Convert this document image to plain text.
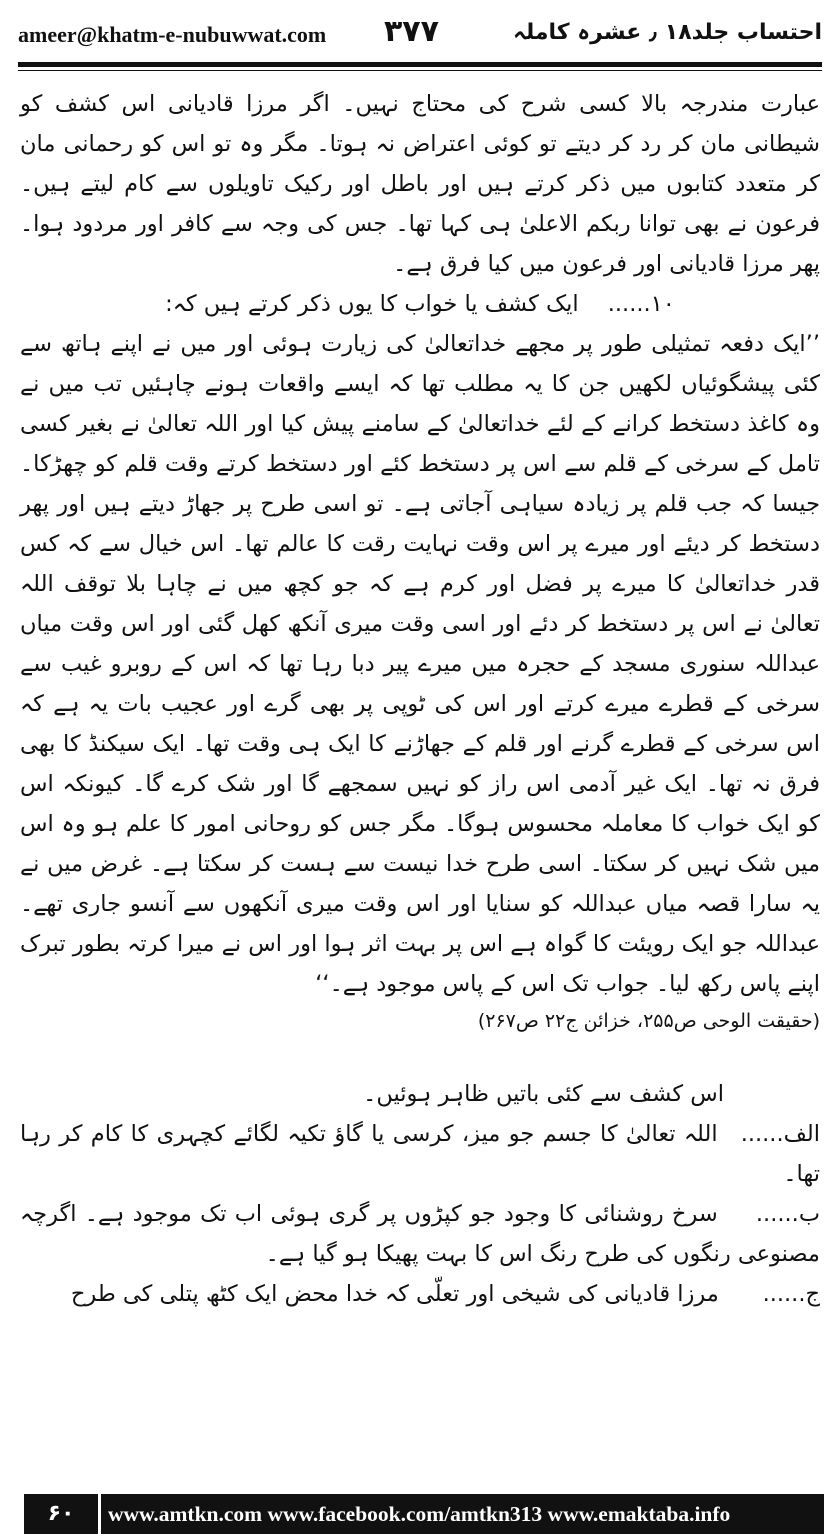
ameer@khatm-e-nubuwwat.com ۳۷۷	احتساب جلد۱۸ ٫ عشرہ کاملہ

عبارت مندرجہ بالا کسی شرح کی محتاج نہیں۔ اگر مرزا قادیانی اس کشف کو شیطانی مان کر رد کر دیتے تو کوئی اعتراض نہ ہوتا۔ مگر وہ تو اس کو رحمانی مان کر متعدد کتابوں میں ذکر کرتے ہیں اور باطل اور رکیک تاویلوں سے کام لیتے ہیں۔ فرعون نے بھی توانا ربکم الاعلیٰ ہی کہا تھا۔ جس کی وجہ سے کافر اور مردود ہوا۔ پھر مرزا قادیانی اور فرعون میں کیا فرق ہے۔

۱۰...... ایک کشف یا خواب کا یوں ذکر کرتے ہیں کہ:

’’ایک دفعہ تمثیلی طور پر مجھے خداتعالیٰ کی زیارت ہوئی اور میں نے اپنے ہاتھ سے کئی پیشگوئیاں لکھیں جن کا یہ مطلب تھا کہ ایسے واقعات ہونے چاہئیں تب میں نے وہ کاغذ دستخط کرانے کے لئے خداتعالیٰ کے سامنے پیش کیا اور اللہ تعالیٰ نے بغیر کسی تامل کے سرخی کے قلم سے اس پر دستخط کئے اور دستخط کرتے وقت قلم کو چھڑکا۔ جیسا کہ جب قلم پر زیادہ سیاہی آجاتی ہے۔ تو اسی طرح پر جھاڑ دیتے ہیں اور پھر دستخط کر دیئے اور میرے پر اس وقت نہایت رقت کا عالم تھا۔ اس خیال سے کہ کس قدر خداتعالیٰ کا میرے پر فضل اور کرم ہے کہ جو کچھ میں نے چاہا بلا توقف اللہ تعالیٰ نے اس پر دستخط کر دئے اور اسی وقت میری آنکھ کھل گئی اور اس وقت میاں عبداللہ سنوری مسجد کے حجرہ میں میرے پیر دبا رہا تھا کہ اس کے روبرو غیب سے سرخی کے قطرے میرے کرتے اور اس کی ٹوپی پر بھی گرے اور عجیب بات یہ ہے کہ اس سرخی کے قطرے گرنے اور قلم کے جھاڑنے کا ایک ہی وقت تھا۔ ایک سیکنڈ کا بھی فرق نہ تھا۔ ایک غیر آدمی اس راز کو نہیں سمجھے گا اور شک کرے گا۔ کیونکہ اس کو ایک خواب کا معاملہ محسوس ہوگا۔ مگر جس کو روحانی امور کا علم ہو وہ اس میں شک نہیں کر سکتا۔ اسی طرح خدا نیست سے ہست کر سکتا ہے۔ غرض میں نے یہ سارا قصہ میاں عبداللہ کو سنایا اور اس وقت میری آنکھوں سے آنسو جاری تھے۔ عبداللہ جو ایک رویئت کا گواہ ہے اس پر بہت اثر ہوا اور اس نے میرا کرتہ بطور تبرک اپنے پاس رکھ لیا۔ جواب تک اس کے پاس موجود ہے۔‘‘

(حقیقت الوحی ص۲۵۵، خزائن ج۲۲ ص۲۶۷)

اس کشف سے کئی باتیں ظاہر ہوئیں۔

الف...... اللہ تعالیٰ کا جسم جو میز، کرسی یا گاؤ تکیہ لگائے کچہری کا کام کر رہا تھا۔

ب...... سرخ روشنائی کا وجود جو کپڑوں پر گری ہوئی اب تک موجود ہے۔ اگرچہ مصنوعی رنگوں کی طرح رنگ اس کا بہت پھیکا ہو گیا ہے۔

ج...... مرزا قادیانی کی شیخی اور تعلّی کہ خدا محض ایک کٹھ پتلی کی طرح

۶۰	www.amtkn.com www.facebook.com/amtkn313 www.emaktaba.info
